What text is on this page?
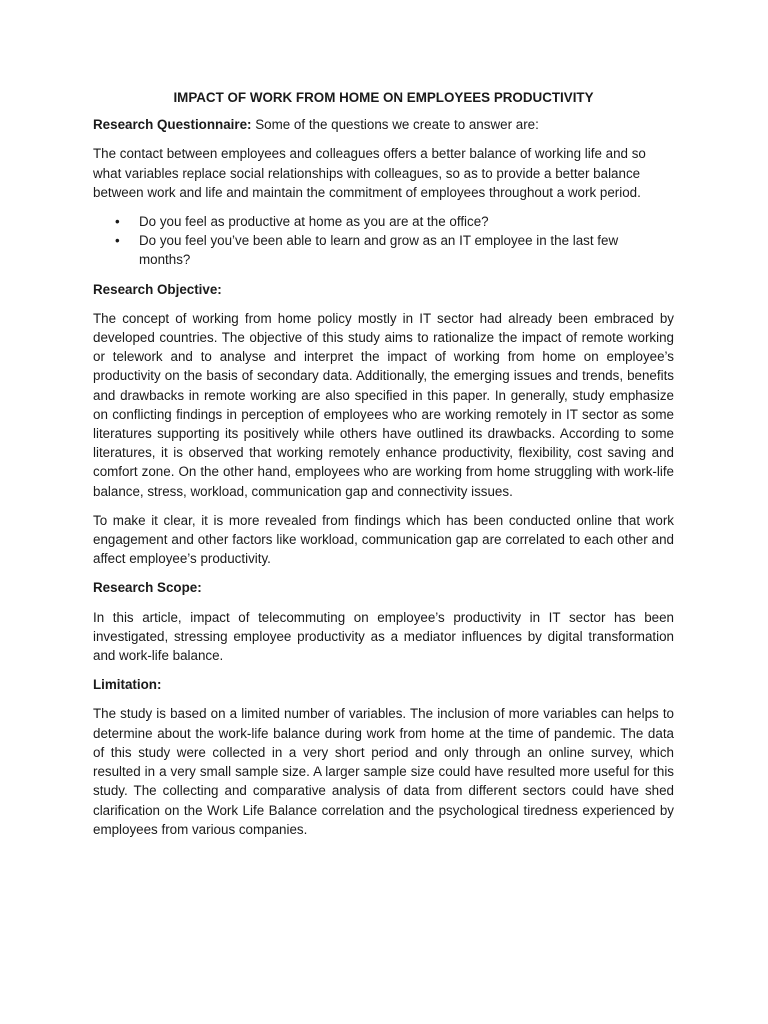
IMPACT OF WORK FROM HOME ON EMPLOYEES PRODUCTIVITY

Research Questionnaire: Some of the questions we create to answer are:

The contact between employees and colleagues offers a better balance of working life and so what variables replace social relationships with colleagues, so as to provide a better balance between work and life and maintain the commitment of employees throughout a work period.

• Do you feel as productive at home as you are at the office?
• Do you feel you’ve been able to learn and grow as an IT employee in the last few months?
Research Objective:

The concept of working from home policy mostly in IT sector had already been embraced by developed countries. The objective of this study aims to rationalize the impact of remote working or telework and to analyse and interpret the impact of working from home on employee’s productivity on the basis of secondary data. Additionally, the emerging issues and trends, benefits and drawbacks in remote working are also specified in this paper. In generally, study emphasize on conflicting findings in perception of employees who are working remotely in IT sector as some literatures supporting its positively while others have outlined its drawbacks. According to some literatures, it is observed that working remotely enhance productivity, flexibility, cost saving and comfort zone. On the other hand, employees who are working from home struggling with work-life balance, stress, workload, communication gap and connectivity issues.

To make it clear, it is more revealed from findings which has been conducted online that work engagement and other factors like workload, communication gap are correlated to each other and affect employee’s productivity.

Research Scope:

In this article, impact of telecommuting on employee’s productivity in IT sector has been investigated, stressing employee productivity as a mediator influences by digital transformation and work-life balance.

Limitation:

The study is based on a limited number of variables. The inclusion of more variables can helps to determine about the work-life balance during work from home at the time of pandemic. The data of this study were collected in a very short period and only through an online survey, which resulted in a very small sample size. A larger sample size could have resulted more useful for this study. The collecting and comparative analysis of data from different sectors could have shed clarification on the Work Life Balance correlation and the psychological tiredness experienced by employees from various companies.
